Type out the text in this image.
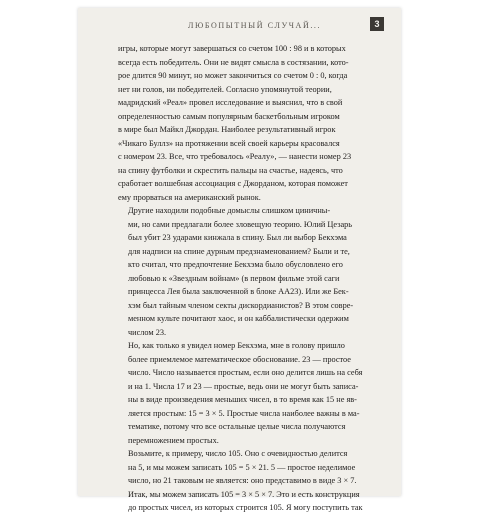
ЛЮБОПЫТНЫЙ СЛУЧАЙ...	3

игры, которые могут завершаться со счетом 100 : 98 и в которых
всегда есть победитель. Они не видят смысла в состязании, кото-
рое длится 90 минут, но может закончиться со счетом 0 : 0, когда
нет ни голов, ни победителей. Согласно упомянутой теории,
мадридский «Реал» провел исследование и выяснил, что в свой
определенностью самым популярным баскетбольным игроком
в мире был Майкл Джордан. Наиболее результативный игрок
«Чикаго Буллз» на протяжении всей своей карьеры красовался
с номером 23. Все, что требовалось «Реалу», — нанести номер 23
на спину футболки и скрестить пальцы на счастье, надеясь, что
сработает волшебная ассоциация с Джорданом, которая поможет
ему прорваться на американский рынок.

Другие находили подобные домыслы слишком циничны-
ми, но сами предлагали более зловещую теорию. Юлий Цезарь
был убит 23 ударами кинжала в спину. Был ли выбор Бекхэма
для надписи на спине дурным предзнаменованием? Были и те,
кто считал, что предпочтение Бекхэма было обусловлено его
любовью к «Звездным войнам» (в первом фильме этой саги
принцесса Лея была заключенной в блоке АА23). Или же Бек-
хэм был тайным членом секты дискордианистов? В этом совре-
менном культе почитают хаос, и он каббалистически одержим
числом 23.

Но, как только я увидел номер Бекхэма, мне в голову пришло
более приемлемое математическое обоснование. 23 — простое
число. Число называется простым, если оно делится лишь на себя
и на 1. Числа 17 и 23 — простые, ведь они не могут быть записа-
ны в виде произведения меньших чисел, в то время как 15 не яв-
ляется простым: 15 = 3 × 5. Простые числа наиболее важны в ма-
тематике, потому что все остальные целые числа получаются
перемножением простых.

Возьмите, к примеру, число 105. Оно с очевидностью делится
на 5, и мы можем записать 105 = 5 × 21. 5 — простое неделимое
число, но 21 таковым не является: оно представимо в виде 3 × 7.
Итак, мы можем записать 105 = 3 × 5 × 7. Это и есть конструкция
до простых чисел, из которых строится 105. Я могу поступить так
